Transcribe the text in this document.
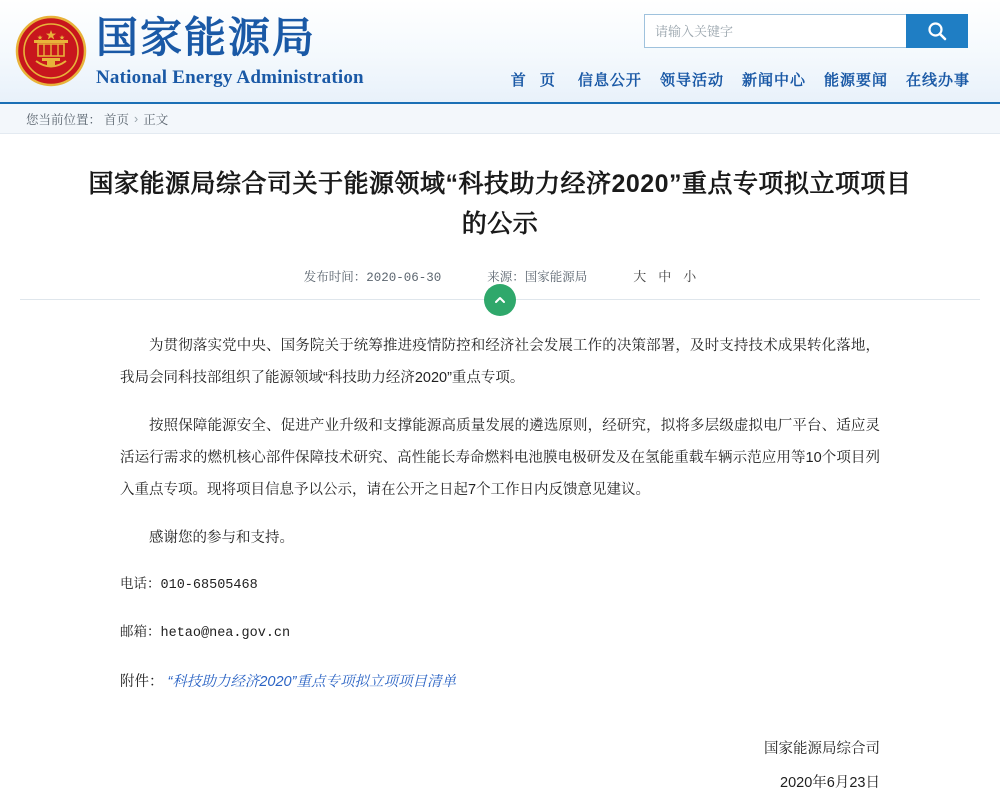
国家能源局
National Energy Administration
请输入关键字	首 页 信息公开 领导活动 新闻中心 能源要闻 在线办事
您当前位置： 首页 › 正文
国家能源局综合司关于能源领域“科技助力经济2020”重点专项拟立项项目的公示
发布时间：2020-06-30	来源：国家能源局	大 中 小

为贯彻落实党中央、国务院关于统筹推进疫情防控和经济社会发展工作的决策部署，及时支持技术成果转化落地，我局会同科技部组织了能源领域“科技助力经济2020”重点专项。

按照保障能源安全、促进产业升级和支撑能源高质量发展的遴选原则，经研究，拟将多层级虚拟电厂平台、适应灵活运行需求的燃机核心部件保障技术研究、高性能长寿命燃料电池膜电极研发及在氢能重载车辆示范应用等10个项目列入重点专项。现将项目信息予以公示，请在公开之日起7个工作日内反馈意见建议。

感谢您的参与和支持。

电话：010-68505468

邮箱：hetao@nea.gov.cn

附件： “科技助力经济2020”重点专项拟立项项目清单

国家能源局综合司
2020年6月23日
